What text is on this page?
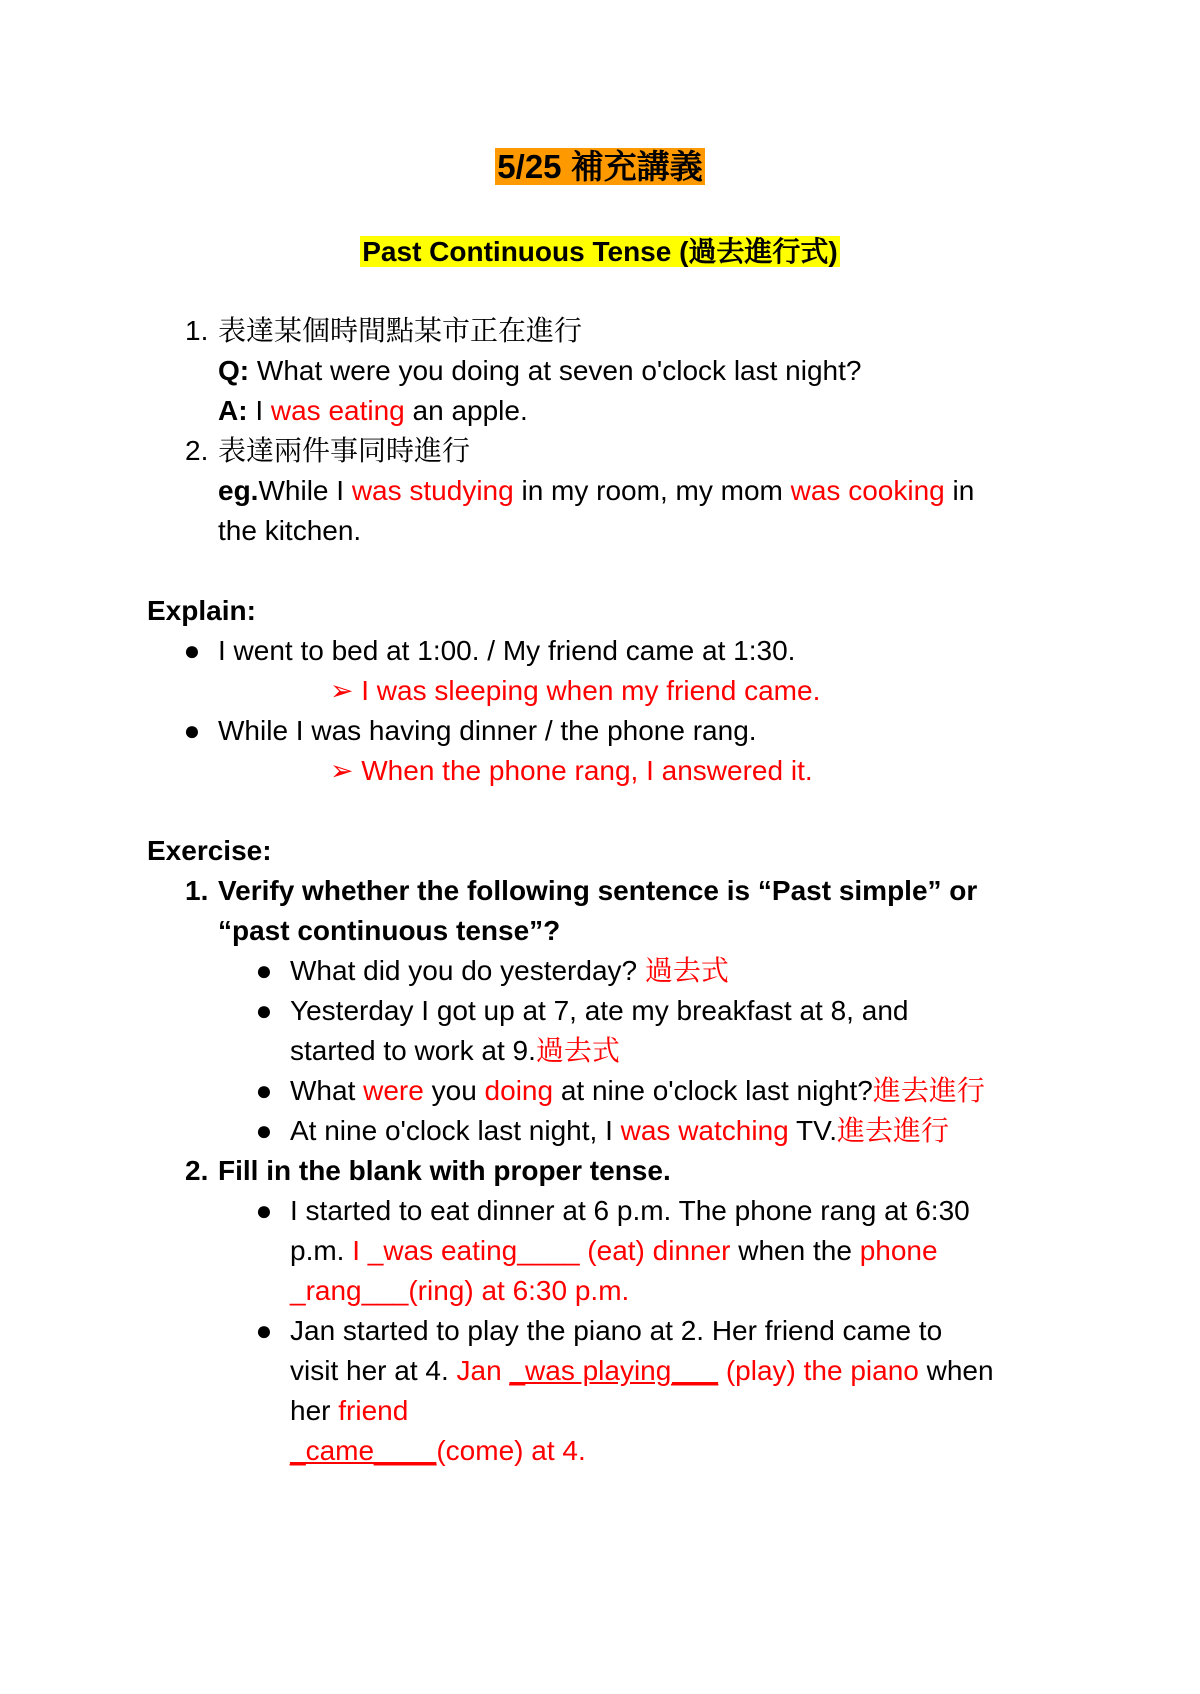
5/25 補充講義
Past Continuous Tense (過去進行式)
1. 表達某個時間點某市正在進行
Q: What were you doing at seven o'clock last night?
A: I was eating an apple.
2. 表達兩件事同時進行
eg.While I was studying in my room, my mom was cooking in
the kitchen.
Explain:
● I went to bed at 1:00. / My friend came at 1:30.
➢ I was sleeping when my friend came.
● While I was having dinner / the phone rang.
➢ When the phone rang, I answered it.
Exercise:
1. Verify whether the following sentence is “Past simple” or
“past continuous tense”?
● What did you do yesterday? 過去式
● Yesterday I got up at 7, ate my breakfast at 8, and
started to work at 9.過去式
● What were you doing at nine o'clock last night?進去進行
● At nine o'clock last night, I was watching TV.進去進行
2. Fill in the blank with proper tense.
● I started to eat dinner at 6 p.m. The phone rang at 6:30
p.m. I _was eating____ (eat) dinner when the phone
_rang___(ring) at 6:30 p.m.
● Jan started to play the piano at 2. Her friend came to
visit her at 4. Jan _was playing___ (play) the piano when
her friend
_came____(come) at 4.
